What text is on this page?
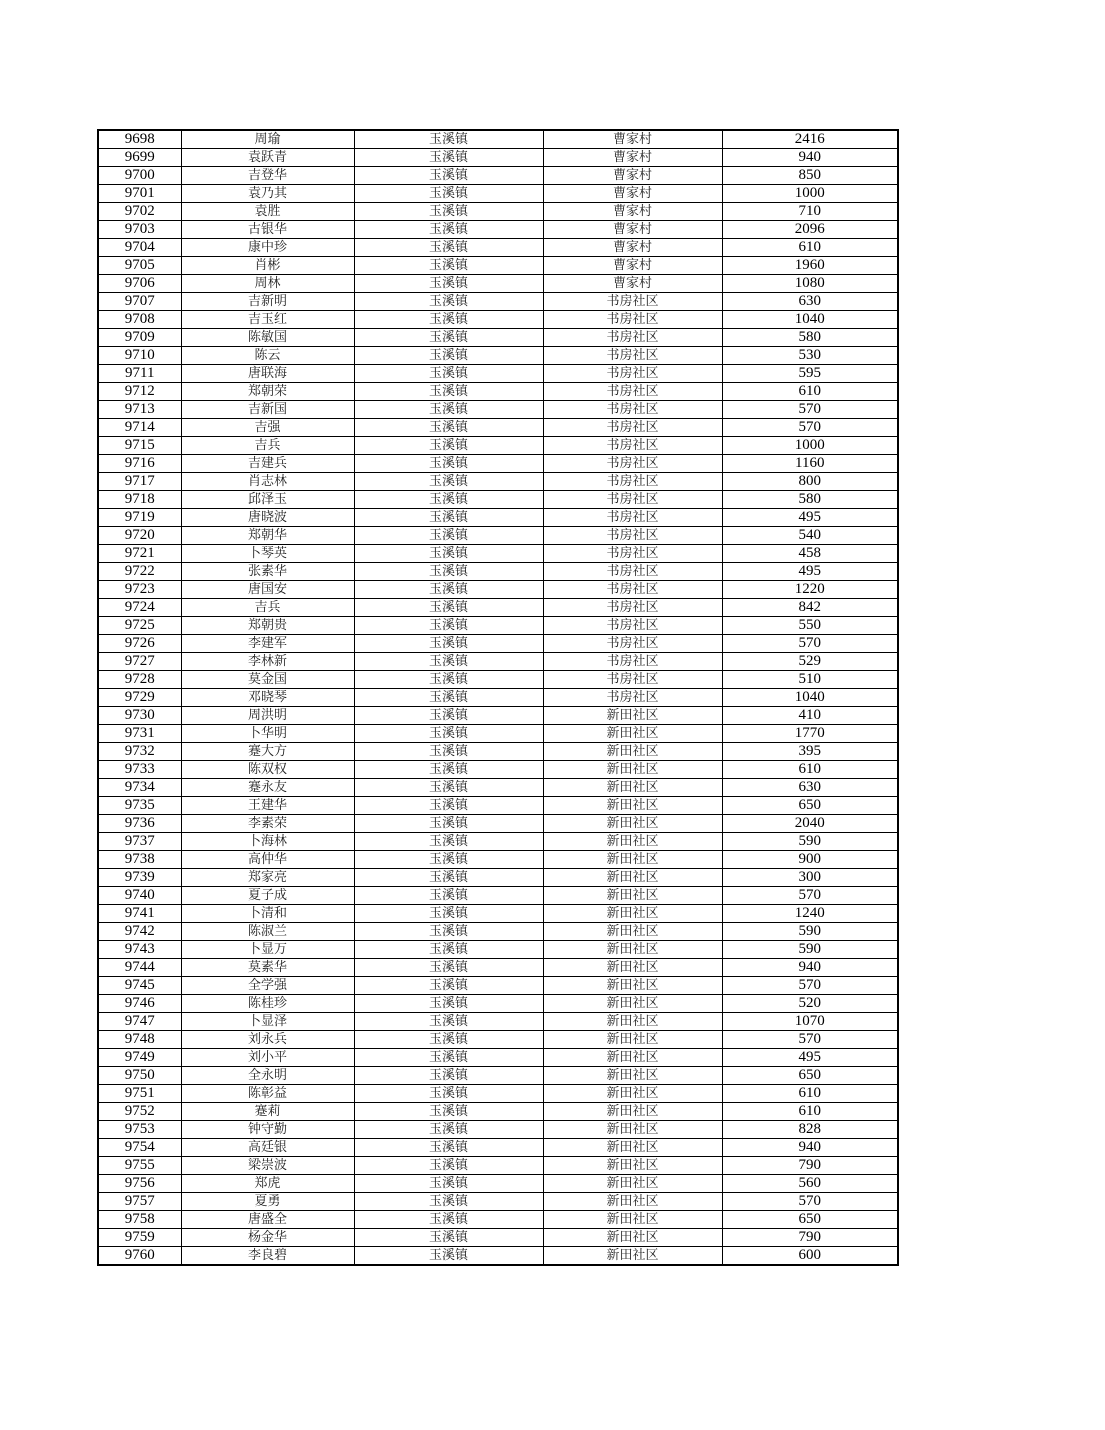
9698	周瑜	玉溪镇	曹家村	2416
9699	袁跃青	玉溪镇	曹家村	940
9700	吉登华	玉溪镇	曹家村	850
9701	袁乃其	玉溪镇	曹家村	1000
9702	袁胜	玉溪镇	曹家村	710
9703	古银华	玉溪镇	曹家村	2096
9704	康中珍	玉溪镇	曹家村	610
9705	肖彬	玉溪镇	曹家村	1960
9706	周林	玉溪镇	曹家村	1080
9707	吉新明	玉溪镇	书房社区	630
9708	吉玉红	玉溪镇	书房社区	1040
9709	陈敏国	玉溪镇	书房社区	580
9710	陈云	玉溪镇	书房社区	530
9711	唐联海	玉溪镇	书房社区	595
9712	郑朝荣	玉溪镇	书房社区	610
9713	吉新国	玉溪镇	书房社区	570
9714	吉强	玉溪镇	书房社区	570
9715	吉兵	玉溪镇	书房社区	1000
9716	吉建兵	玉溪镇	书房社区	1160
9717	肖志林	玉溪镇	书房社区	800
9718	邱泽玉	玉溪镇	书房社区	580
9719	唐晓波	玉溪镇	书房社区	495
9720	郑朝华	玉溪镇	书房社区	540
9721	卜琴英	玉溪镇	书房社区	458
9722	张素华	玉溪镇	书房社区	495
9723	唐国安	玉溪镇	书房社区	1220
9724	吉兵	玉溪镇	书房社区	842
9725	郑朝贵	玉溪镇	书房社区	550
9726	李建军	玉溪镇	书房社区	570
9727	李林新	玉溪镇	书房社区	529
9728	莫金国	玉溪镇	书房社区	510
9729	邓晓琴	玉溪镇	书房社区	1040
9730	周洪明	玉溪镇	新田社区	410
9731	卜华明	玉溪镇	新田社区	1770
9732	蹇大方	玉溪镇	新田社区	395
9733	陈双权	玉溪镇	新田社区	610
9734	蹇永友	玉溪镇	新田社区	630
9735	王建华	玉溪镇	新田社区	650
9736	李素荣	玉溪镇	新田社区	2040
9737	卜海林	玉溪镇	新田社区	590
9738	高仲华	玉溪镇	新田社区	900
9739	郑家亮	玉溪镇	新田社区	300
9740	夏子成	玉溪镇	新田社区	570
9741	卜清和	玉溪镇	新田社区	1240
9742	陈淑兰	玉溪镇	新田社区	590
9743	卜显万	玉溪镇	新田社区	590
9744	莫素华	玉溪镇	新田社区	940
9745	全学强	玉溪镇	新田社区	570
9746	陈桂珍	玉溪镇	新田社区	520
9747	卜显泽	玉溪镇	新田社区	1070
9748	刘永兵	玉溪镇	新田社区	570
9749	刘小平	玉溪镇	新田社区	495
9750	全永明	玉溪镇	新田社区	650
9751	陈彰益	玉溪镇	新田社区	610
9752	蹇莉	玉溪镇	新田社区	610
9753	钟守勤	玉溪镇	新田社区	828
9754	高廷银	玉溪镇	新田社区	940
9755	梁崇波	玉溪镇	新田社区	790
9756	郑虎	玉溪镇	新田社区	560
9757	夏勇	玉溪镇	新田社区	570
9758	唐盛全	玉溪镇	新田社区	650
9759	杨金华	玉溪镇	新田社区	790
9760	李良碧	玉溪镇	新田社区	600
